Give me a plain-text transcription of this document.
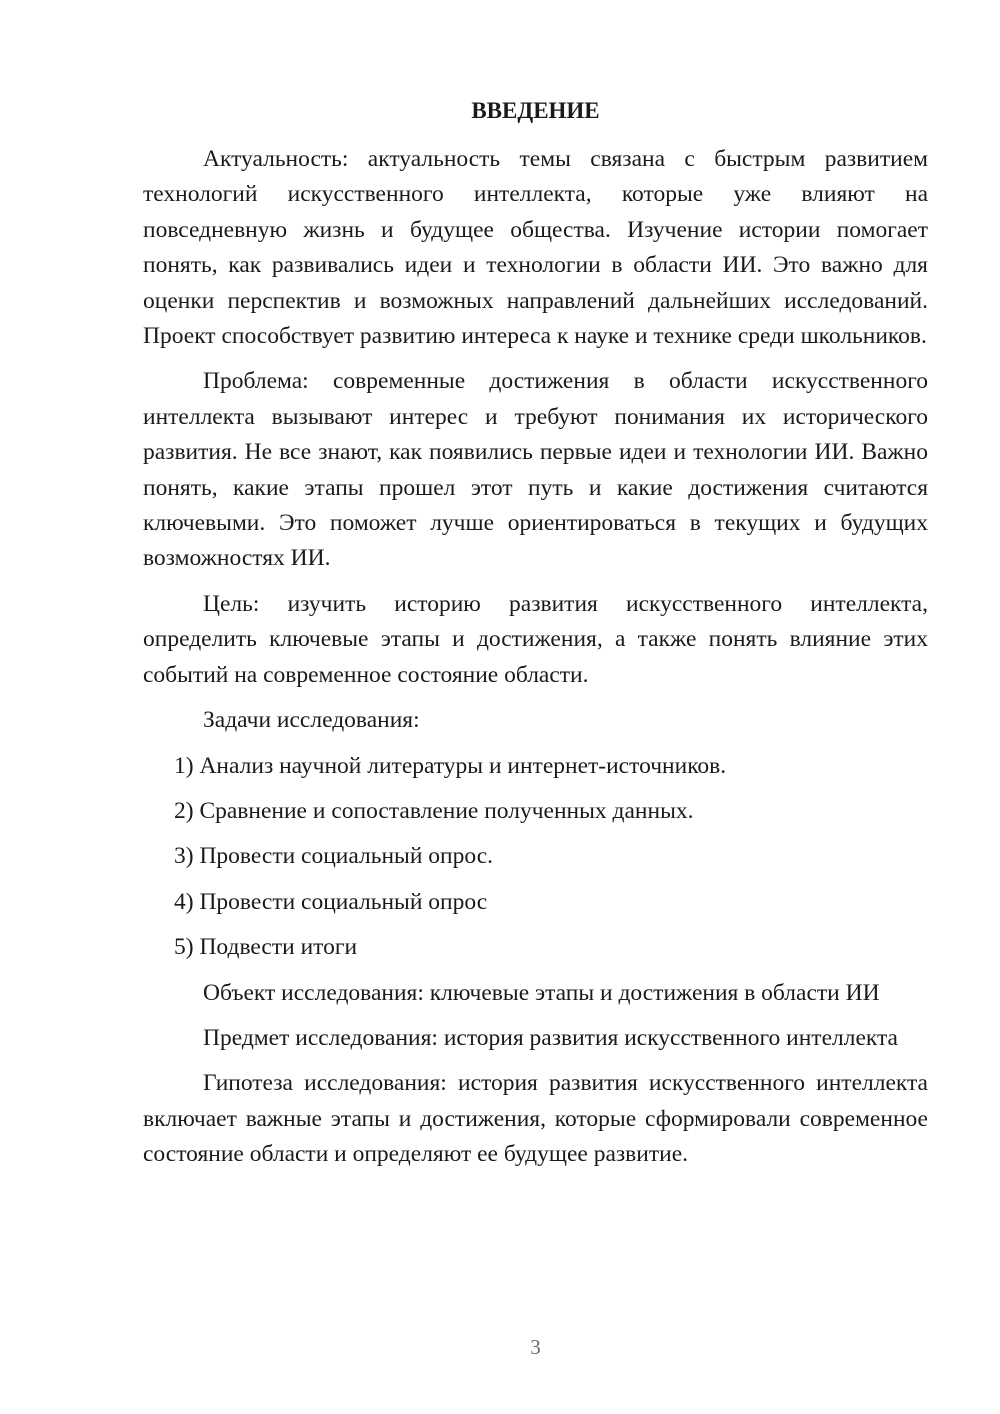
ВВЕДЕНИЕ

Актуальность: актуальность темы связана с быстрым развитием технологий искусственного интеллекта, которые уже влияют на повседневную жизнь и будущее общества. Изучение истории помогает понять, как развивались идеи и технологии в области ИИ. Это важно для оценки перспектив и возможных направлений дальнейших исследований. Проект способствует развитию интереса к науке и технике среди школьников.

Проблема: современные достижения в области искусственного интеллекта вызывают интерес и требуют понимания их исторического развития. Не все знают, как появились первые идеи и технологии ИИ. Важно понять, какие этапы прошел этот путь и какие достижения считаются ключевыми. Это поможет лучше ориентироваться в текущих и будущих возможностях ИИ.

Цель: изучить историю развития искусственного интеллекта, определить ключевые этапы и достижения, а также понять влияние этих событий на современное состояние области.

Задачи исследования:

1) Анализ научной литературы и интернет-источников.
2) Сравнение и сопоставление полученных данных.
3) Провести социальный опрос.
4) Провести социальный опрос
5) Подвести итоги

Объект исследования: ключевые этапы и достижения в области ИИ

Предмет исследования: история развития искусственного интеллекта

Гипотеза исследования: история развития искусственного интеллекта включает важные этапы и достижения, которые сформировали современное состояние области и определяют ее будущее развитие.

3
